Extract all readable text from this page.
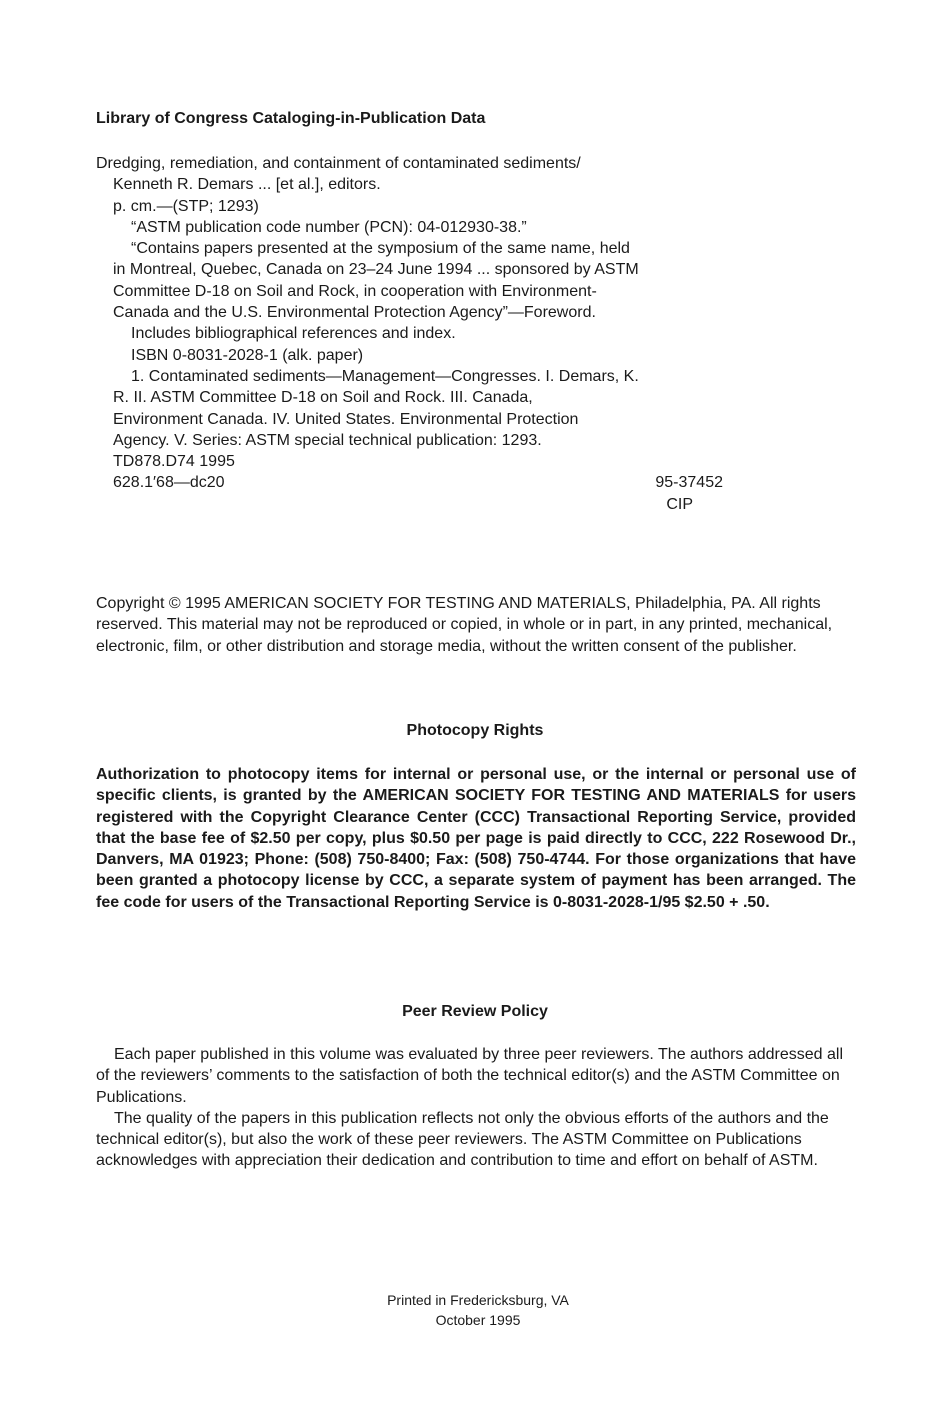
Library of Congress Cataloging-in-Publication Data
Dredging, remediation, and containment of contaminated sediments/
Kenneth R. Demars ... [et al.], editors.
p. cm.—(STP; 1293)
“ASTM publication code number (PCN): 04-012930-38.”
“Contains papers presented at the symposium of the same name, held
in Montreal, Quebec, Canada on 23–24 June 1994 ... sponsored by ASTM
Committee D-18 on Soil and Rock, in cooperation with Environment-
Canada and the U.S. Environmental Protection Agency”—Foreword.
Includes bibliographical references and index.
ISBN 0-8031-2028-1 (alk. paper)
1. Contaminated sediments—Management—Congresses. I. Demars, K.
R. II. ASTM Committee D-18 on Soil and Rock. III. Canada,
Environment Canada. IV. United States. Environmental Protection
Agency. V. Series: ASTM special technical publication: 1293.
TD878.D74 1995
628.1′68—dc20	95-37452
CIP
Copyright © 1995 AMERICAN SOCIETY FOR TESTING AND MATERIALS, Philadelphia, PA. All rights reserved. This material may not be reproduced or copied, in whole or in part, in any printed, mechanical, electronic, film, or other distribution and storage media, without the written consent of the publisher.
Photocopy Rights
Authorization to photocopy items for internal or personal use, or the internal or personal use of specific clients, is granted by the AMERICAN SOCIETY FOR TESTING AND MATERIALS for users registered with the Copyright Clearance Center (CCC) Transactional Reporting Service, provided that the base fee of $2.50 per copy, plus $0.50 per page is paid directly to CCC, 222 Rosewood Dr., Danvers, MA 01923; Phone: (508) 750-8400; Fax: (508) 750-4744. For those organizations that have been granted a photocopy license by CCC, a separate system of payment has been arranged. The fee code for users of the Transactional Reporting Service is 0-8031-2028-1/95 $2.50 + .50.
Peer Review Policy

Each paper published in this volume was evaluated by three peer reviewers. The authors addressed all of the reviewers’ comments to the satisfaction of both the technical editor(s) and the ASTM Committee on Publications.

The quality of the papers in this publication reflects not only the obvious efforts of the authors and the technical editor(s), but also the work of these peer reviewers. The ASTM Committee on Publications acknowledges with appreciation their dedication and contribution to time and effort on behalf of ASTM.

Printed in Fredericksburg, VA
October 1995
